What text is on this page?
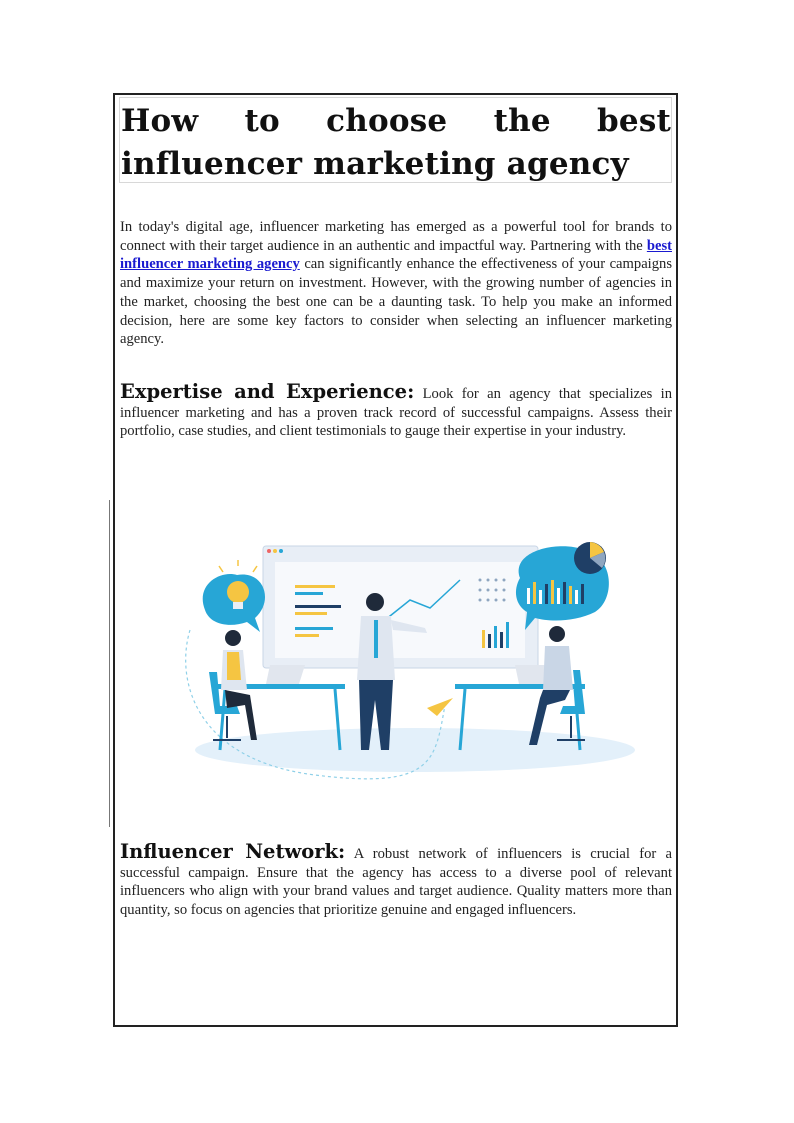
How to choose the best influencer marketing agency

In today's digital age, influencer marketing has emerged as a powerful tool for brands to connect with their target audience in an authentic and impactful way. Partnering with the best influencer marketing agency can significantly enhance the effectiveness of your campaigns and maximize your return on investment. However, with the growing number of agencies in the market, choosing the best one can be a daunting task. To help you make an informed decision, here are some key factors to consider when selecting an influencer marketing agency.

Expertise and Experience: Look for an agency that specializes in influencer marketing and has a proven track record of successful campaigns. Assess their portfolio, case studies, and client testimonials to gauge their expertise in your industry.

Influencer Network: A robust network of influencers is crucial for a successful campaign. Ensure that the agency has access to a diverse pool of relevant influencers who align with your brand values and target audience. Quality matters more than quantity, so focus on agencies that prioritize genuine and engaged influencers.
